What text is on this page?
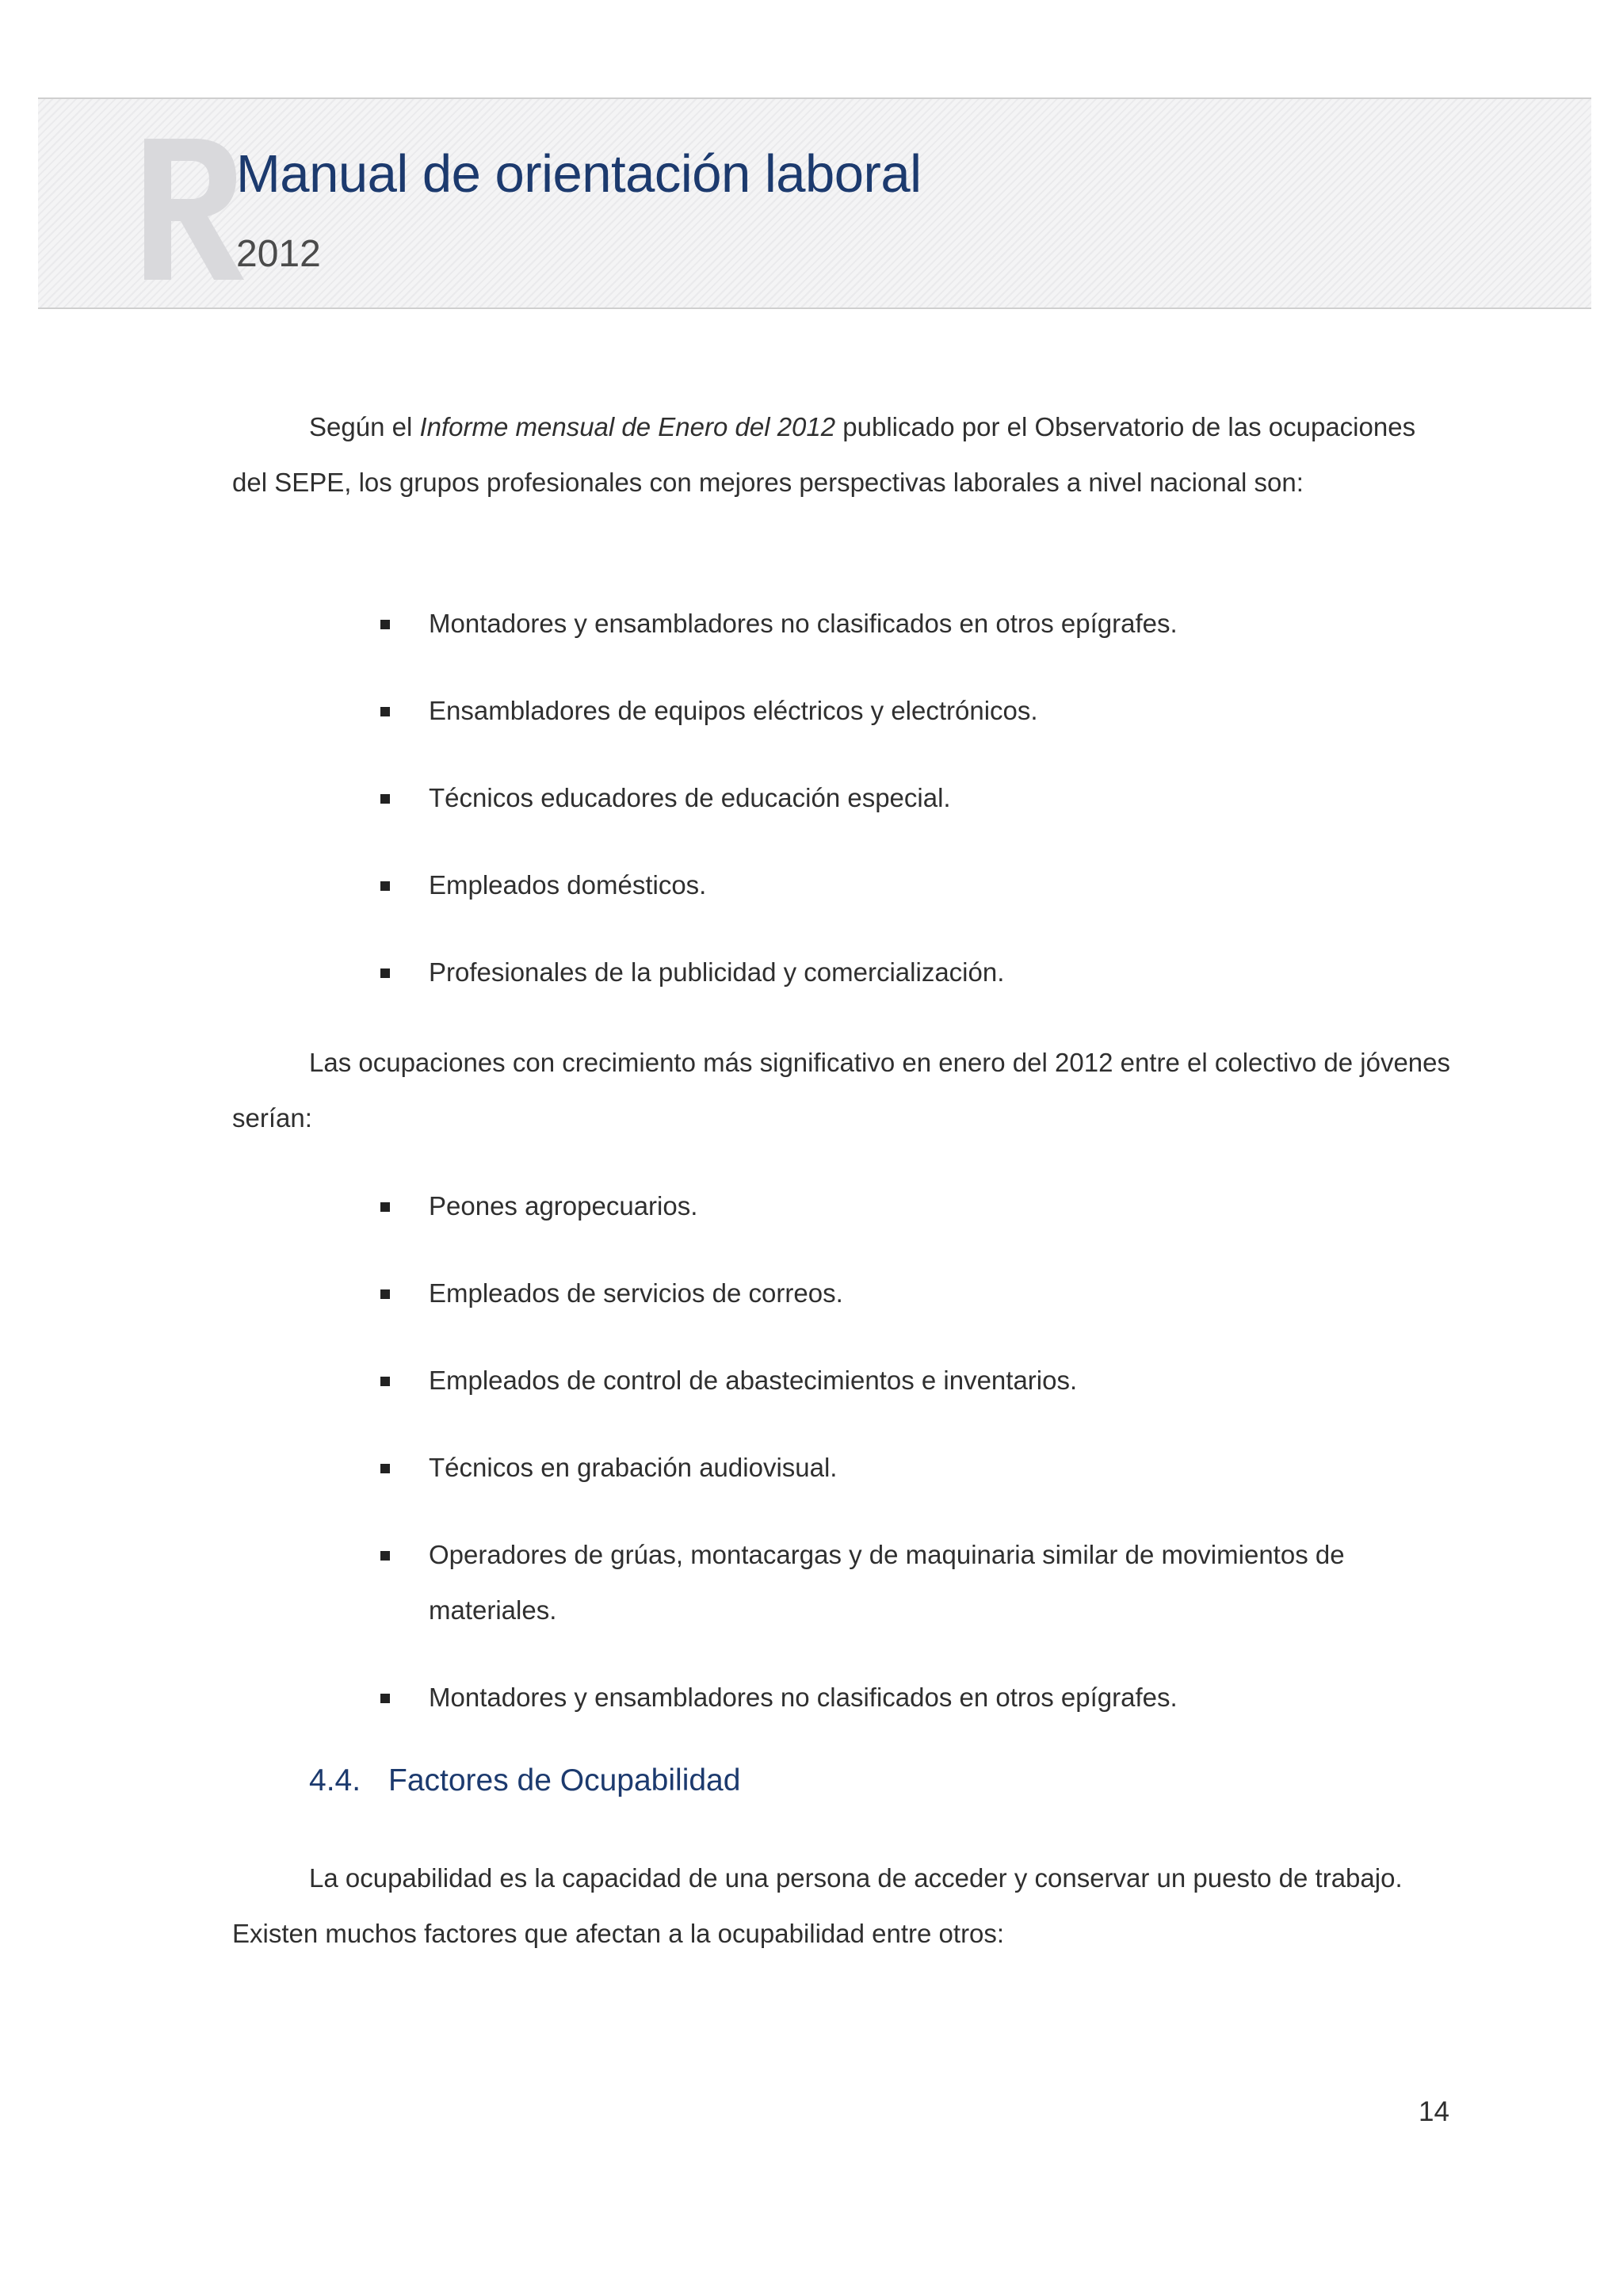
Manual de orientación laboral
2012

Según el Informe mensual de Enero del 2012 publicado por el Observatorio de las ocupaciones del SEPE, los grupos profesionales con mejores perspectivas laborales a nivel nacional son:

Montadores y ensambladores no clasificados en otros epígrafes.
Ensambladores de equipos eléctricos y electrónicos.
Técnicos educadores de educación especial.
Empleados domésticos.
Profesionales de la publicidad y comercialización.

Las ocupaciones con crecimiento más significativo en enero del 2012 entre el colectivo de jóvenes serían:

Peones agropecuarios.
Empleados de servicios de correos.
Empleados de control de abastecimientos e inventarios.
Técnicos en grabación audiovisual.
Operadores de grúas, montacargas y de maquinaria similar de movimientos de materiales.
Montadores y ensambladores no clasificados en otros epígrafes.
4.4. Factores de Ocupabilidad

La ocupabilidad es la capacidad de una persona de acceder y conservar un puesto de trabajo. Existen muchos factores que afectan a la ocupabilidad entre otros:

14
